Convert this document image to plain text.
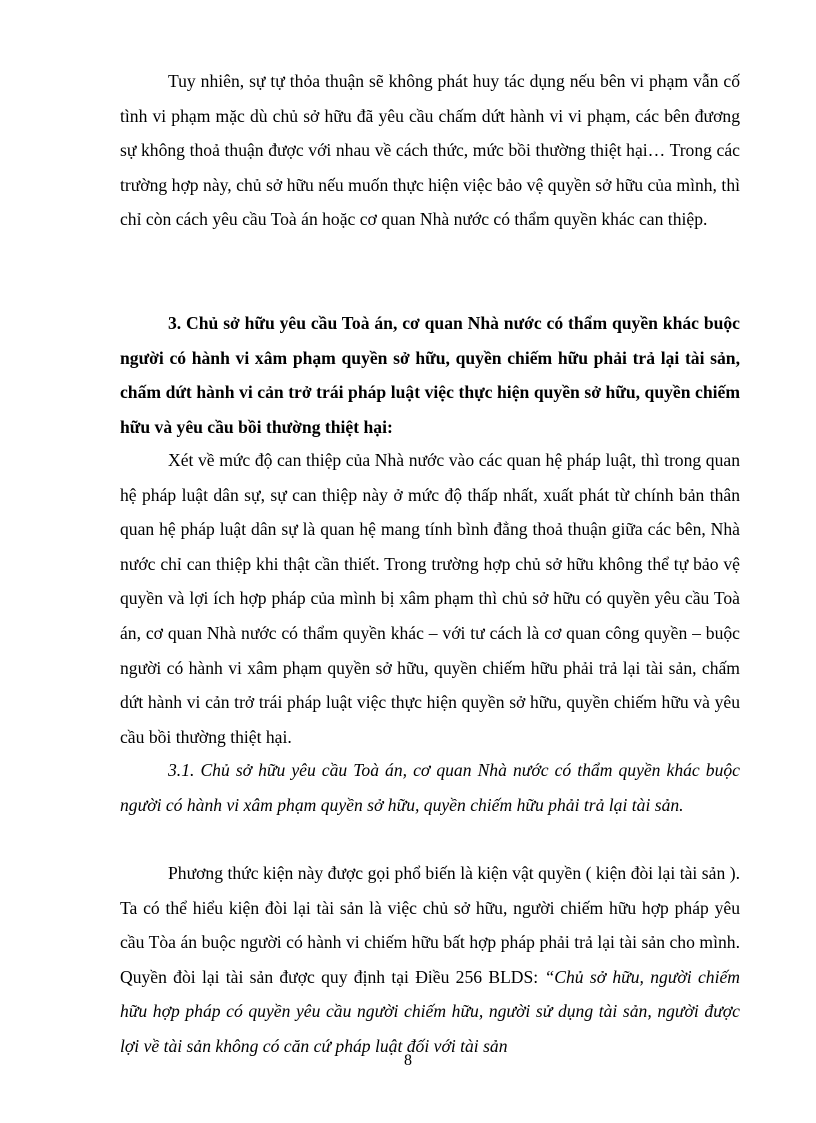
Tuy nhiên, sự tự thỏa thuận sẽ không phát huy tác dụng nếu bên vi phạm vẫn cố tình vi phạm mặc dù chủ sở hữu đã yêu cầu chấm dứt hành vi vi phạm, các bên đương sự không thoả thuận được với nhau về cách thức, mức bồi thường thiệt hại… Trong các trường hợp này, chủ sở hữu nếu muốn thực hiện việc bảo vệ quyền sở hữu của mình, thì chỉ còn cách yêu cầu Toà án hoặc cơ quan Nhà nước có thẩm quyền khác can thiệp.

3. Chủ sở hữu yêu cầu Toà án, cơ quan Nhà nước có thẩm quyền khác buộc người có hành vi xâm phạm quyền sở hữu, quyền chiếm hữu phải trả lại tài sản, chấm dứt hành vi cản trở trái pháp luật việc thực hiện quyền sở hữu, quyền chiếm hữu và yêu cầu bồi thường thiệt hại:

Xét về mức độ can thiệp của Nhà nước vào các quan hệ pháp luật, thì trong quan hệ pháp luật dân sự, sự can thiệp này ở mức độ thấp nhất, xuất phát từ chính bản thân quan hệ pháp luật dân sự là quan hệ mang tính bình đẳng thoả thuận giữa các bên, Nhà nước chỉ can thiệp khi thật cần thiết. Trong trường hợp chủ sở hữu không thể tự bảo vệ quyền và lợi ích hợp pháp của mình bị xâm phạm thì chủ sở hữu có quyền yêu cầu Toà án, cơ quan Nhà nước có thẩm quyền khác – với tư cách là cơ quan công quyền – buộc người có hành vi xâm phạm quyền sở hữu, quyền chiếm hữu phải trả lại tài sản, chấm dứt hành vi cản trở trái pháp luật việc thực hiện quyền sở hữu, quyền chiếm hữu và yêu cầu bồi thường thiệt hại.

3.1. Chủ sở hữu yêu cầu Toà án, cơ quan Nhà nước có thẩm quyền khác buộc người có hành vi xâm phạm quyền sở hữu, quyền chiếm hữu phải trả lại tài sản.

Phương thức kiện này được gọi phổ biến là kiện vật quyền ( kiện đòi lại tài sản ). Ta có thể hiểu kiện đòi lại tài sản là việc chủ sở hữu, người chiếm hữu hợp pháp yêu cầu Tòa án buộc người có hành vi chiếm hữu bất hợp pháp phải trả lại tài sản cho mình. Quyền đòi lại tài sản được quy định tại Điều 256 BLDS: “Chủ sở hữu, người chiếm hữu hợp pháp có quyền yêu cầu người chiếm hữu, người sử dụng tài sản, người được lợi về tài sản không có căn cứ pháp luật đối với tài sản

8
